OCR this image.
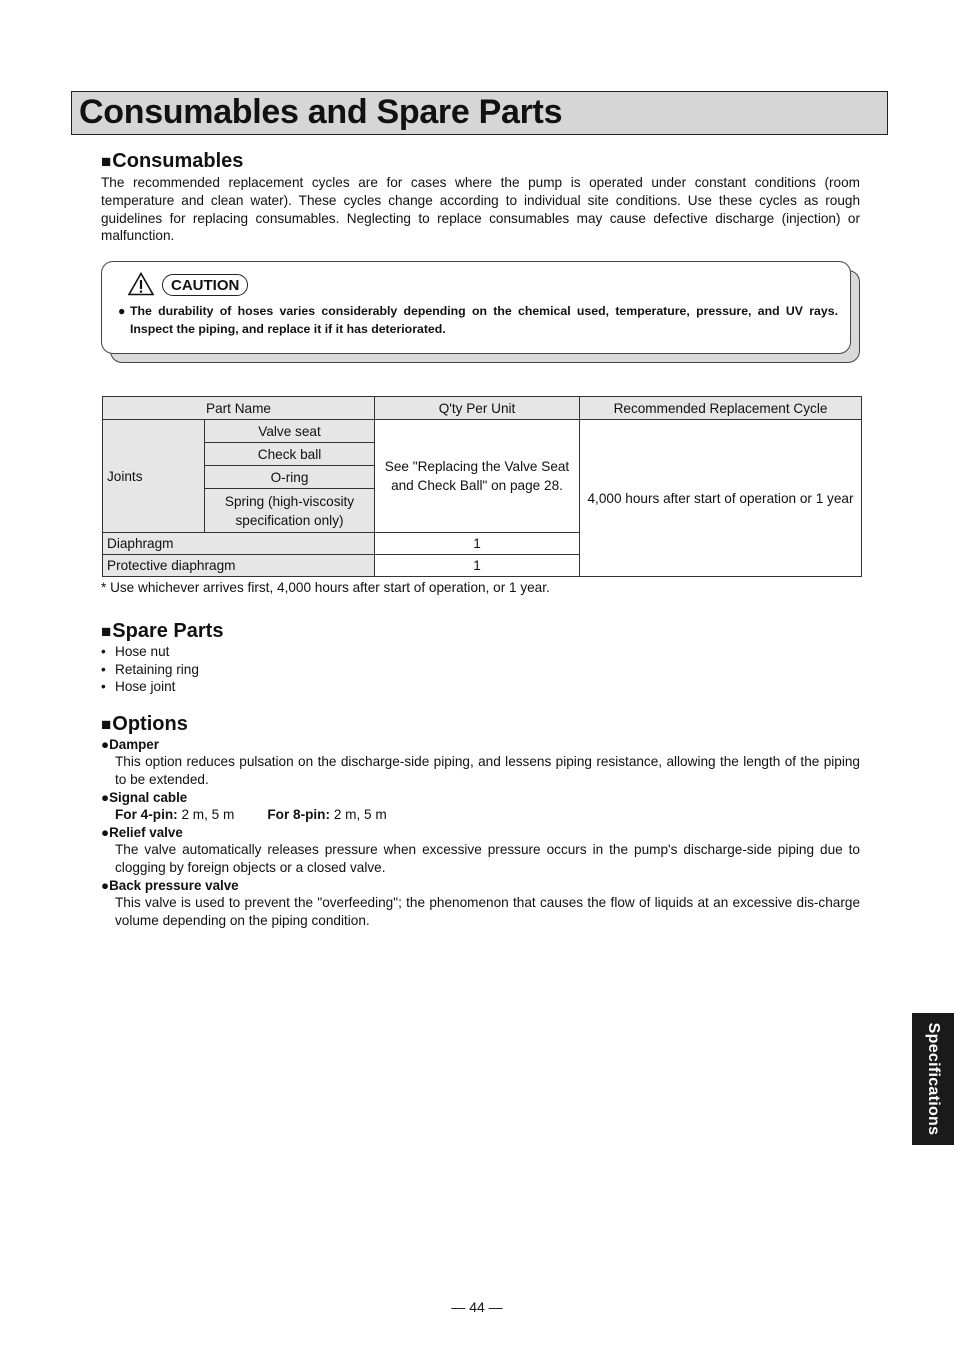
Consumables and Spare Parts
■Consumables

The recommended replacement cycles are for cases where the pump is operated under constant conditions (room temperature and clean water). These cycles change according to individual site conditions. Use these cycles as rough guidelines for replacing consumables. Neglecting to replace consumables may cause defective discharge (injection) or malfunction.

CAUTION
● The durability of hoses varies considerably depending on the chemical used, temperature, pressure, and UV rays. Inspect the piping, and replace it if it has deteriorated.
Part Name		Q'ty Per Unit	Recommended Replacement Cycle
Joints	Valve seat	See "Replacing the Valve Seat and Check Ball" on page 28.	4,000 hours after start of operation or 1 year
	Check ball		
	O-ring		
	Spring (high-viscosity specification only)		
Diaphragm		1	
Protective diaphragm		1	

* Use whichever arrives first, 4,000 hours after start of operation, or 1 year.

■Spare Parts
• Hose nut
• Retaining ring
• Hose joint
■Options
●Damper

This option reduces pulsation on the discharge-side piping, and lessens piping resistance, allowing the length of the piping to be extended.

●Signal cable
For 4-pin: 2 m, 5 m For 8-pin: 2 m, 5 m
●Relief valve

The valve automatically releases pressure when excessive pressure occurs in the pump's discharge-side piping due to clogging by foreign objects or a closed valve.

●Back pressure valve

This valve is used to prevent the "overfeeding"; the phenomenon that causes the flow of liquids at an excessive dis-charge volume depending on the piping condition.

Specifications
— 44 —
